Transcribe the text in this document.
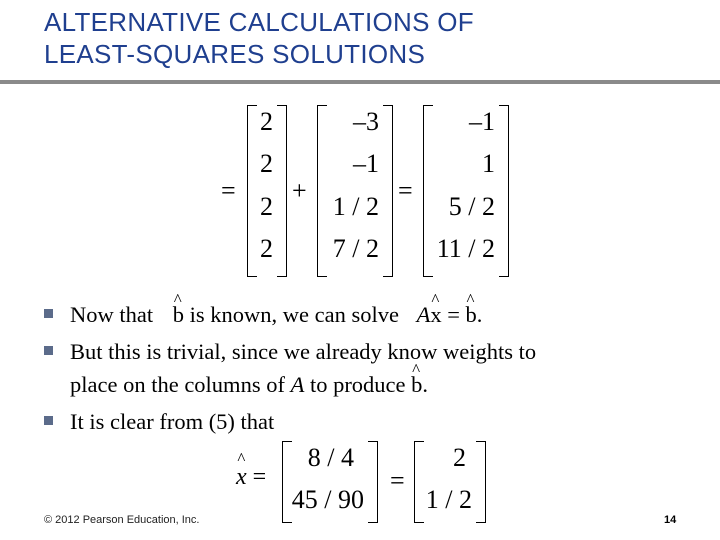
ALTERNATIVE CALCULATIONS OF
LEAST-SQUARES SOLUTIONS
=
2
2
2
2
+
–3
–1
1 / 2
7 / 2
=
–1
1
5 / 2
11 / 2
Now that ^ b is known, we can solve A^ x = ^ b.
But this is trivial, since we already know weights to
place on the columns of A to produce ^ b.
It is clear from (5) that
^ x =
8 / 4
45 / 90
=
2
1 / 2
© 2012 Pearson Education, Inc.	14
